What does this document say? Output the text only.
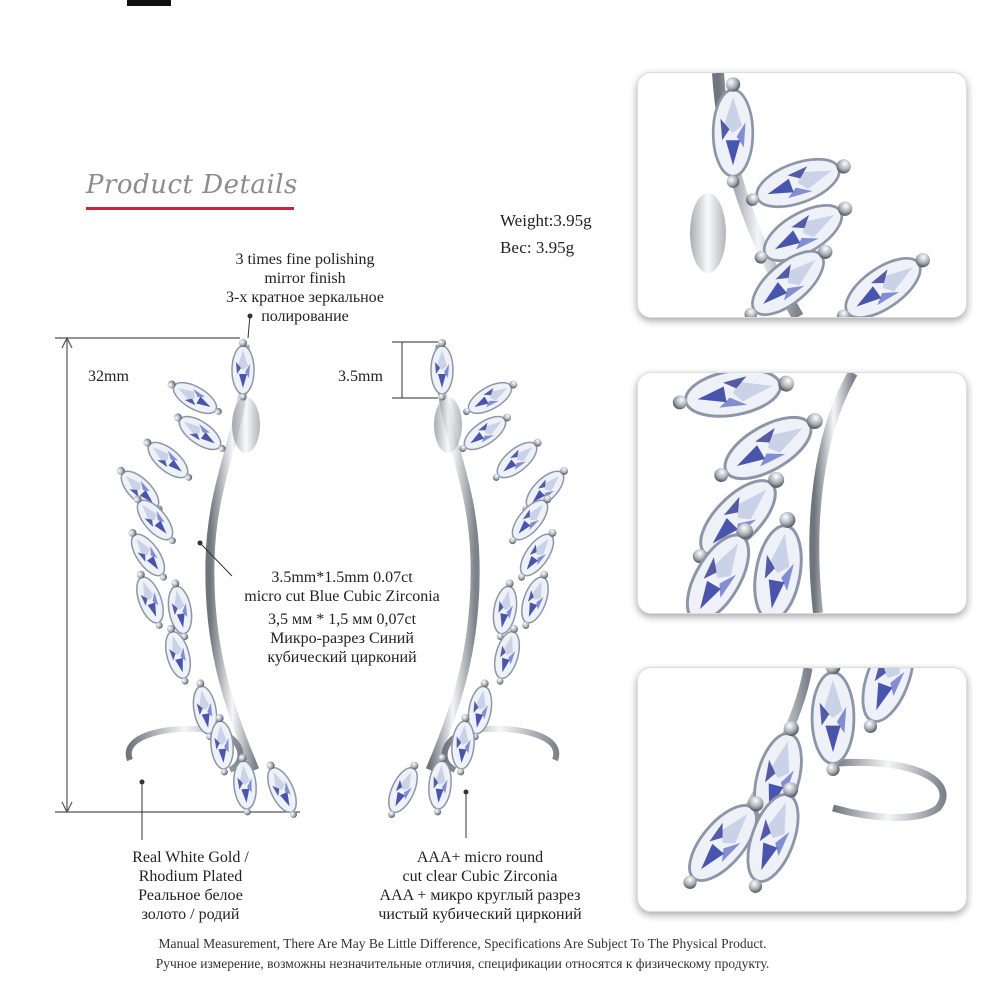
Product Details
Weight:3.95g
Вес: 3.95g
32mm	3.5mm
3 times fine polishing
mirror finish
3-х кратное зеркальное
полирование
3.5mm*1.5mm 0.07ct
micro cut Blue Cubic Zirconia
3,5 мм * 1,5 мм 0,07ct
Микро-разрез Синий
кубический цирконий
Real White Gold /
Rhodium Plated
Реальное белое
золото / родий
AAA+ micro round
cut clear Cubic Zirconia
AAA + микро круглый разрез
чистый кубический цирконий
Manual Measurement, There Are May Be Little Difference, Specifications Are Subject To The Physical Product.
Ручное измерение, возможны незначительные отличия, спецификации относятся к физическому продукту.
